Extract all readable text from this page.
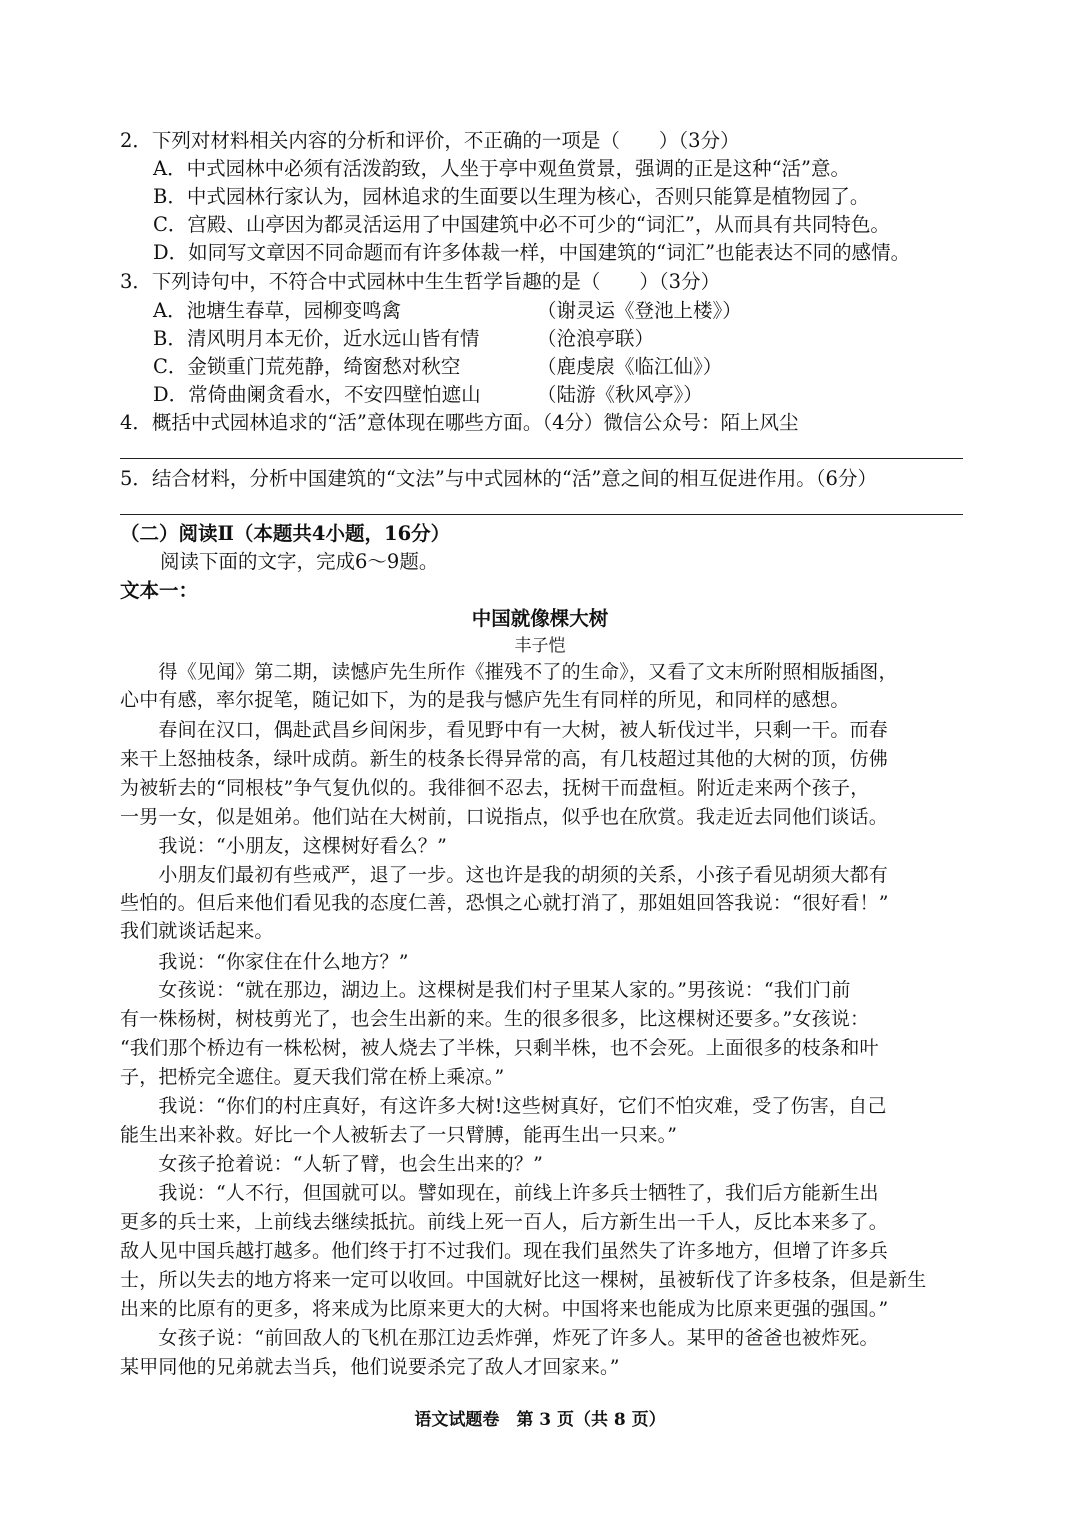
2．下列对材料相关内容的分析和评价，不正确的一项是（　　）（3分）
A．中式园林中必须有活泼韵致，人坐于亭中观鱼赏景，强调的正是这种“活”意。
B．中式园林行家认为，园林追求的生面要以生理为核心，否则只能算是植物园了。
C．宫殿、山亭因为都灵活运用了中国建筑中必不可少的“词汇”，从而具有共同特色。
D．如同写文章因不同命题而有许多体裁一样，中国建筑的“词汇”也能表达不同的感情。
3．下列诗句中，不符合中式园林中生生哲学旨趣的是（　　）（3分）
A．池塘生春草，园柳变鸣禽	（谢灵运《登池上楼》）
B．清风明月本无价，近水远山皆有情	（沧浪亭联）
C．金锁重门荒苑静，绮窗愁对秋空	（鹿虔扆《临江仙》）
D．常倚曲阑贪看水，不安四壁怕遮山	（陆游《秋风亭》）
4．概括中式园林追求的“活”意体现在哪些方面。（4分）微信公众号：陌上风尘
5．结合材料，分析中国建筑的“文法”与中式园林的“活”意之间的相互促进作用。（6分）
（二）阅读Ⅱ（本题共4小题，16分）
阅读下面的文字，完成6～9题。
文本一：
中国就像棵大树
丰子恺
　　得《见闻》第二期，读憾庐先生所作《摧残不了的生命》，又看了文末所附照相版插图，
心中有感，率尔捉笔，随记如下，为的是我与憾庐先生有同样的所见，和同样的感想。
　　春间在汉口，偶赴武昌乡间闲步，看见野中有一大树，被人斩伐过半，只剩一干。而春
来干上怒抽枝条，绿叶成荫。新生的枝条长得异常的高，有几枝超过其他的大树的顶，仿佛
为被斩去的“同根枝”争气复仇似的。我徘徊不忍去，抚树干而盘桓。附近走来两个孩子，
一男一女，似是姐弟。他们站在大树前，口说指点，似乎也在欣赏。我走近去同他们谈话。
　　我说：“小朋友，这棵树好看么？”
　　小朋友们最初有些戒严，退了一步。这也许是我的胡须的关系，小孩子看见胡须大都有
些怕的。但后来他们看见我的态度仁善，恐惧之心就打消了，那姐姐回答我说：“很好看！”
我们就谈话起来。
　　我说：“你家住在什么地方？”
　　女孩说：“就在那边，湖边上。这棵树是我们村子里某人家的。”男孩说：“我们门前
有一株杨树，树枝剪光了，也会生出新的来。生的很多很多，比这棵树还要多。”女孩说：
“我们那个桥边有一株松树，被人烧去了半株，只剩半株，也不会死。上面很多的枝条和叶
子，把桥完全遮住。夏天我们常在桥上乘凉。”
　　我说：“你们的村庄真好，有这许多大树!这些树真好，它们不怕灾难，受了伤害，自己
能生出来补救。好比一个人被斩去了一只臂膊，能再生出一只来。”
　　女孩子抢着说：“人斩了臂，也会生出来的？”
　　我说：“人不行，但国就可以。譬如现在，前线上许多兵士牺牲了，我们后方能新生出
更多的兵士来，上前线去继续抵抗。前线上死一百人，后方新生出一千人，反比本来多了。
敌人见中国兵越打越多。他们终于打不过我们。现在我们虽然失了许多地方，但增了许多兵
士，所以失去的地方将来一定可以收回。中国就好比这一棵树，虽被斩伐了许多枝条，但是新生
出来的比原有的更多，将来成为比原来更大的大树。中国将来也能成为比原来更强的强国。”
　　女孩子说：“前回敌人的飞机在那江边丢炸弹，炸死了许多人。某甲的爸爸也被炸死。
某甲同他的兄弟就去当兵，他们说要杀完了敌人才回家来。”
语文试题卷　第 3 页（共 8 页）
